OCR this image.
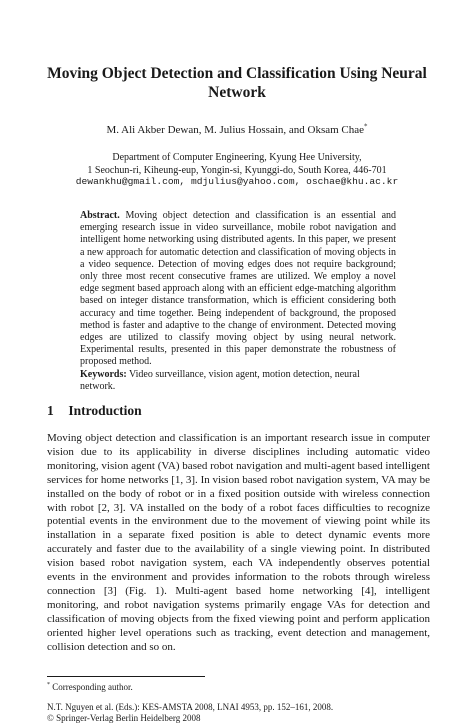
Moving Object Detection and Classification Using Neural Network
M. Ali Akber Dewan, M. Julius Hossain, and Oksam Chae*
Department of Computer Engineering, Kyung Hee University,
1 Seochun-ri, Kiheung-eup, Yongin-si, Kyunggi-do, South Korea, 446-701
dewankhu@gmail.com, mdjulius@yahoo.com, oschae@khu.ac.kr
Abstract. Moving object detection and classification is an essential and emerging research issue in video surveillance, mobile robot navigation and intelligent home networking using distributed agents. In this paper, we present a new approach for automatic detection and classification of moving objects in a video sequence. Detection of moving edges does not require background; only three most recent consecutive frames are utilized. We employ a novel edge segment based approach along with an efficient edge-matching algorithm based on integer distance transformation, which is efficient considering both accuracy and time together. Being independent of background, the proposed method is faster and adaptive to the change of environment. Detected moving edges are utilized to classify moving object by using neural network. Experimental results, presented in this paper demonstrate the robustness of proposed method.
Keywords: Video surveillance, vision agent, motion detection, neural network.
1 Introduction
Moving object detection and classification is an important research issue in computer vision due to its applicability in diverse disciplines including automatic video monitoring, vision agent (VA) based robot navigation and multi-agent based intelligent services for home networks [1, 3]. In vision based robot navigation system, VA may be installed on the body of robot or in a fixed position outside with wireless connection with robot [2, 3]. VA installed on the body of a robot faces difficulties to recognize potential events in the environment due to the movement of viewing point while its installation in a separate fixed position is able to detect dynamic events more accurately and faster due to the availability of a single viewing point. In distributed vision based robot navigation system, each VA independently observes potential events in the environment and provides information to the robots through wireless connection [3] (Fig. 1). Multi-agent based home networking [4], intelligent monitoring, and robot navigation systems primarily engage VAs for detection and classification of moving objects from the fixed viewing point and perform application oriented higher level operations such as tracking, event detection and management, collision detection and so on.
* Corresponding author.
N.T. Nguyen et al. (Eds.): KES-AMSTA 2008, LNAI 4953, pp. 152–161, 2008.
© Springer-Verlag Berlin Heidelberg 2008
